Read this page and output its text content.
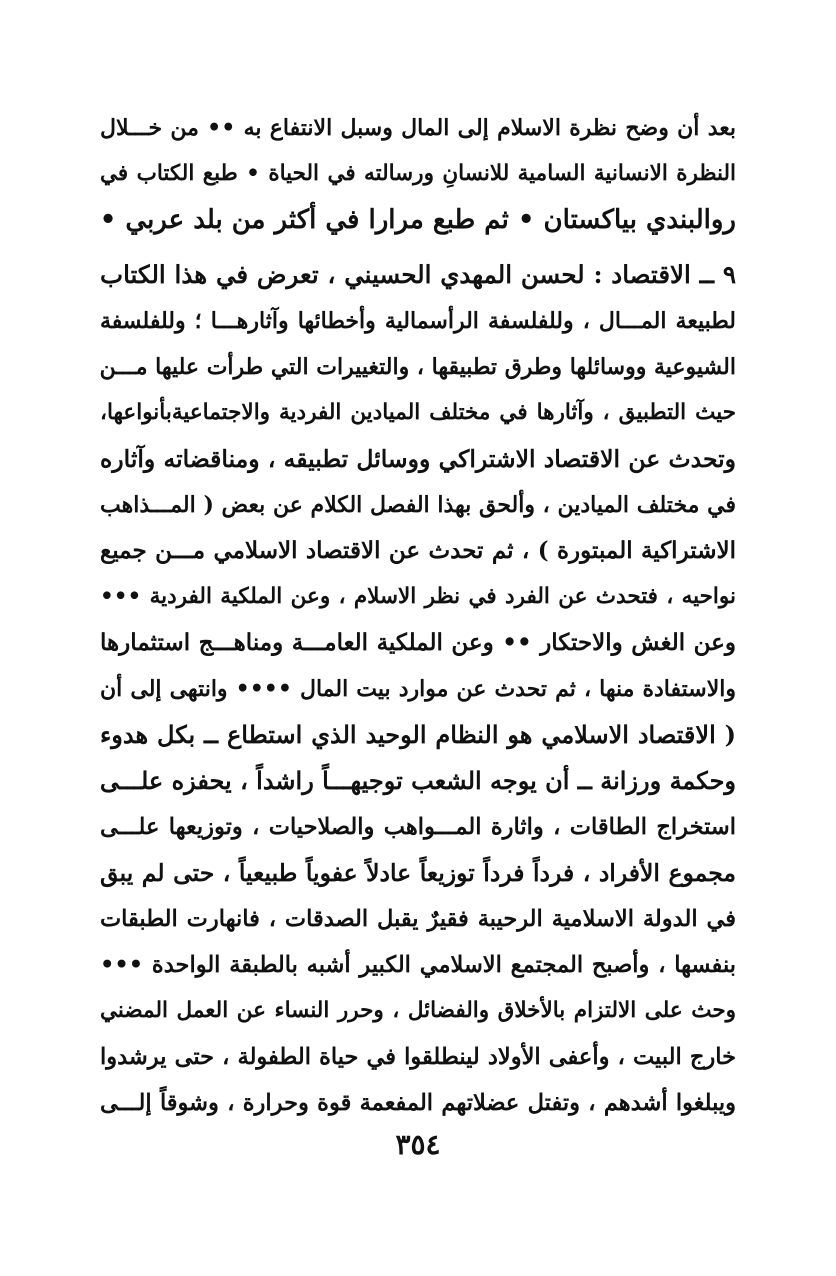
بعد أن وضح نظرة الاسلام إلى المال وسبل الانتفاع به •• من خـــلال
النظرة الانسانية السامية للانسانِ ورسالته في الحياة • طبع الكتاب في
روالبندي بياكستان • ثم طبع مرارا في أكثر من بلد عربي •
٩ ــ الاقتصاد : لحسن المهدي الحسيني ، تعرض في هذا الكتاب
لطبيعة المـــال ، وللفلسفة الرأسمالية وأخطائها وآثارهـــا ؛ وللفلسفة
الشيوعية ووسائلها وطرق تطبيقها ، والتغييرات التي طرأت عليها مـــن
حيث التطبيق ، وآثارها في مختلف الميادين الفردية والاجتماعيةبأنواعها،
وتحدث عن الاقتصاد الاشتراكي ووسائل تطبيقه ، ومناقضاته وآثاره
في مختلف الميادين ، وألحق بهذا الفصل الكلام عن بعض ( المـــذاهب
الاشتراكية المبتورة ) ، ثم تحدث عن الاقتصاد الاسلامي مـــن جميع
نواحيه ، فتحدث عن الفرد في نظر الاسلام ، وعن الملكية الفردية •••
وعن الغش والاحتكار •• وعن الملكية العامـــة ومناهـــج استثمارها
والاستفادة منها ، ثم تحدث عن موارد بيت المال •••• وانتهى إلى أن
( الاقتصاد الاسلامي هو النظام الوحيد الذي استطاع ــ بكل هدوء
وحكمة ورزانة ــ أن يوجه الشعب توجيهـــاً راشداً ، يحفزه علـــى
استخراج الطاقات ، واثارة المـــواهب والصلاحيات ، وتوزيعها علـــى
مجموع الأفراد ، فرداً فرداً توزيعاً عادلاً عفوياً طبيعياً ، حتى لم يبق
في الدولة الاسلامية الرحيبة فقيرٌ يقبل الصدقات ، فانهارت الطبقات
بنفسها ، وأصبح المجتمع الاسلامي الكبير أشبه بالطبقة الواحدة •••
وحث على الالتزام بالأخلاق والفضائل ، وحرر النساء عن العمل المضني
خارج البيت ، وأعفى الأولاد لينطلقوا في حياة الطفولة ، حتى يرشدوا
ويبلغوا أشدهم ، وتفتل عضلاتهم المفعمة قوة وحرارة ، وشوقاً إلـــى
٣٥٤
